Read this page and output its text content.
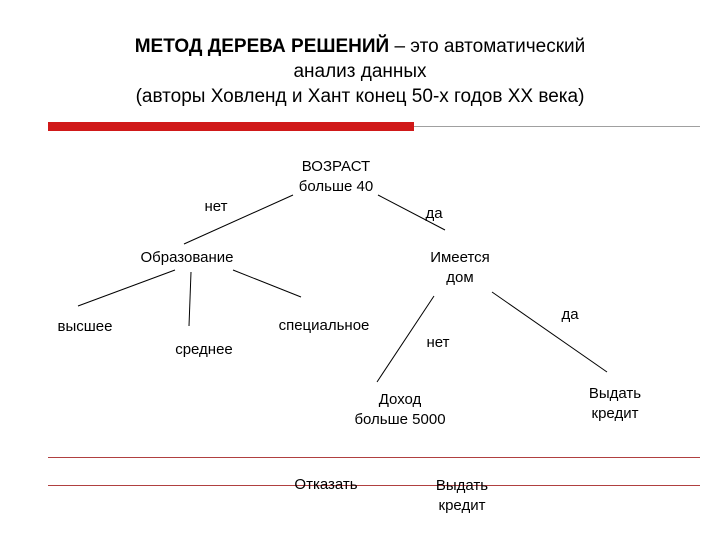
МЕТОД ДЕРЕВА РЕШЕНИЙ – это автоматический
анализ данных
(авторы Ховленд и Хант конец 50-х годов XX века)
ВОЗРАСТ
больше 40
нет	да
Образование	Имеется
дом
высшее
среднее
специальное
да
нет
Выдать
кредит
Доход
больше 5000
Отказать	Выдать
кредит
